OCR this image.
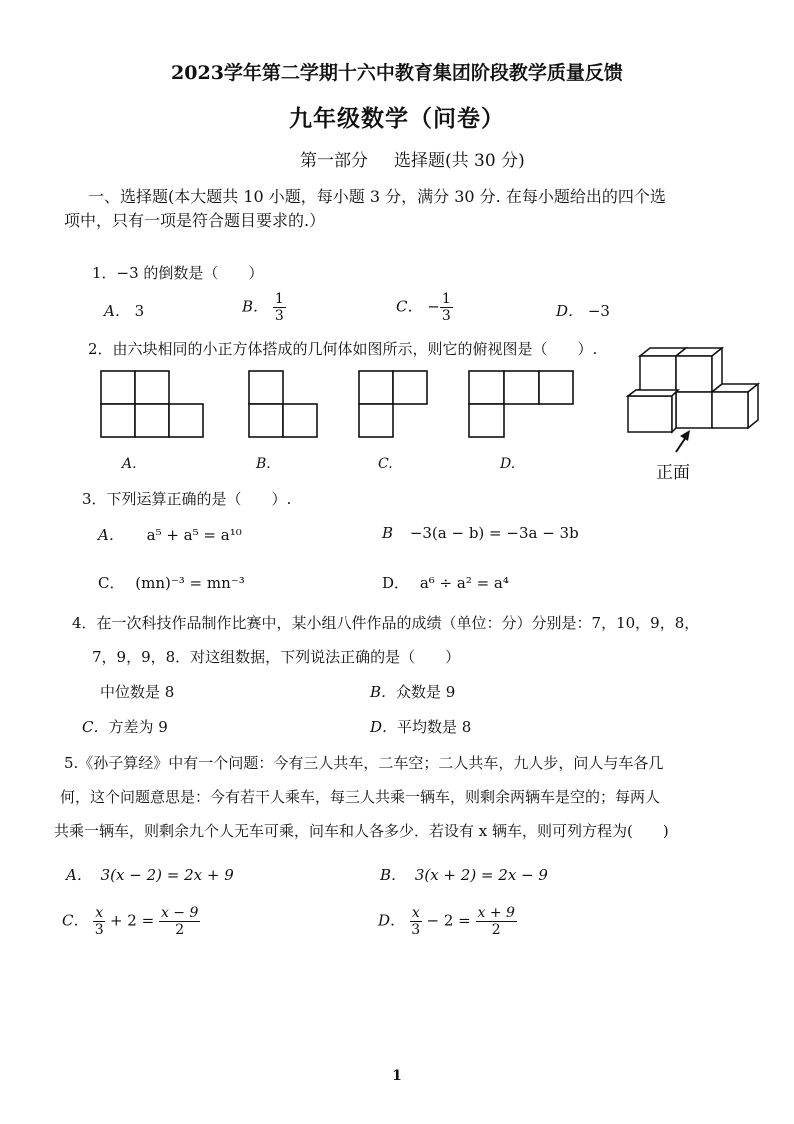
2023学年第二学期十六中教育集团阶段教学质量反馈
九年级数学（问卷）
第一部分 选择题(共 30 分)
一、选择题(本大题共 10 小题，每小题 3 分，满分 30 分. 在每小题给出的四个选
项中，只有一项是符合题目要求的.）
1．−3 的倒数是（　　）
A． 3	B． $\frac{1}{3}$	C． − $\frac{1}{3}$	D． −3
2．由六块相同的小正方体搭成的几何体如图所示，则它的俯视图是（　　）.
A.	B.	C.	D.	正面
3．下列运算正确的是（　　）.
A． a⁵ + a⁵ = a¹⁰	B −3(a − b) = −3a − 3b
C． (mn)⁻³ = mn⁻³	D． a⁶ ÷ a² = a⁴
4．在一次科技作品制作比赛中，某小组八件作品的成绩（单位：分）分别是：7，10，9，8，
7，9，9，8．对这组数据，下列说法正确的是（　　）
中位数是 8	B．众数是 9
C．方差为 9	D．平均数是 8
5.《孙子算经》中有一个问题：今有三人共车，二车空；二人共车，九人步，问人与车各几
何，这个问题意思是：今有若干人乘车，每三人共乘一辆车，则剩余两辆车是空的；每两人
共乘一辆车，则剩余九个人无车可乘，问车和人各多少．若设有 x 辆车，则可列方程为(　　)
A． 3(x − 2) = 2x + 9	B． 3(x + 2) = 2x − 9
C． $\frac{x}{3} + 2 = \frac{x - 9}{2}$	D． $\frac{x}{3} - 2 = \frac{x + 9}{2}$
1
